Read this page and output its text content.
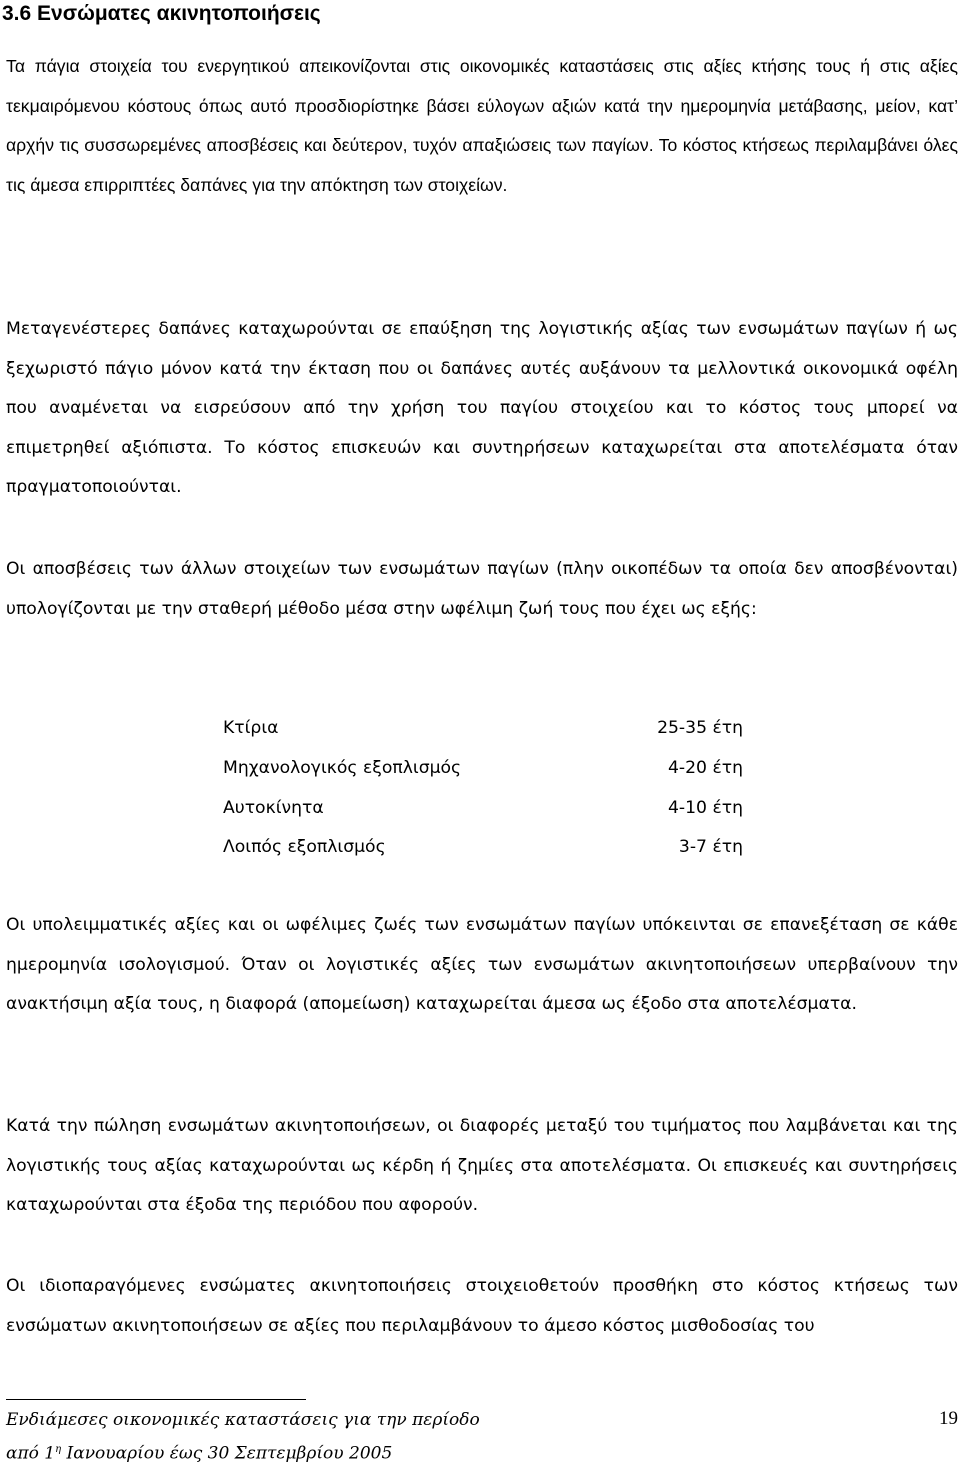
3.6 Ενσώματες ακινητοποιήσεις

Τα πάγια στοιχεία του ενεργητικού απεικονίζονται στις οικονομικές καταστάσεις στις αξίες κτήσης τους ή στις αξίες τεκμαιρόμενου κόστους όπως αυτό προσδιορίστηκε βάσει εύλογων αξιών κατά την ημερομηνία μετάβασης, μείον, κατ’ αρχήν τις συσσωρεμένες αποσβέσεις και δεύτερον, τυχόν απαξιώσεις των παγίων. Το κόστος κτήσεως περιλαμβάνει όλες τις άμεσα επιρριπτέες δαπάνες για την απόκτηση των στοιχείων.

Μεταγενέστερες δαπάνες καταχωρούνται σε επαύξηση της λογιστικής αξίας των ενσωμάτων παγίων ή ως ξεχωριστό πάγιο μόνον κατά την έκταση που οι δαπάνες αυτές αυξάνουν τα μελλοντικά οικονομικά οφέλη που αναμένεται να εισρεύσουν από την χρήση του παγίου στοιχείου και το κόστος τους μπορεί να επιμετρηθεί αξιόπιστα. Το κόστος επισκευών και συντηρήσεων καταχωρείται στα αποτελέσματα όταν πραγματοποιούνται.

Οι αποσβέσεις των άλλων στοιχείων των ενσωμάτων παγίων (πλην οικοπέδων τα οποία δεν αποσβένονται) υπολογίζονται με την σταθερή μέθοδο μέσα στην ωφέλιμη ζωή τους που έχει ως εξής:

Κτίρια	25-35 έτη
Μηχανολογικός εξοπλισμός	4-20 έτη
Αυτοκίνητα	4-10 έτη
Λοιπός εξοπλισμός	3-7 έτη

Οι υπολειμματικές αξίες και οι ωφέλιμες ζωές των ενσωμάτων παγίων υπόκεινται σε επανεξέταση σε κάθε ημερομηνία ισολογισμού. Όταν οι λογιστικές αξίες των ενσωμάτων ακινητοποιήσεων υπερβαίνουν την ανακτήσιμη αξία τους, η διαφορά (απομείωση) καταχωρείται άμεσα ως έξοδο στα αποτελέσματα.

Κατά την πώληση ενσωμάτων ακινητοποιήσεων, οι διαφορές μεταξύ του τιμήματος που λαμβάνεται και της λογιστικής τους αξίας καταχωρούνται ως κέρδη ή ζημίες στα αποτελέσματα. Οι επισκευές και συντηρήσεις καταχωρούνται στα έξοδα της περιόδου που αφορούν.

Οι ιδιοπαραγόμενες ενσώματες ακινητοποιήσεις στοιχειοθετούν προσθήκη στο κόστος κτήσεως των ενσώματων ακινητοποιήσεων σε αξίες που περιλαμβάνουν το άμεσο κόστος μισθοδοσίας του

Ενδιάμεσες οικονομικές καταστάσεις για την περίοδο
από $1^\eta$ Ιανουαρίου έως 30 Σεπτεμβρίου 2005
19
